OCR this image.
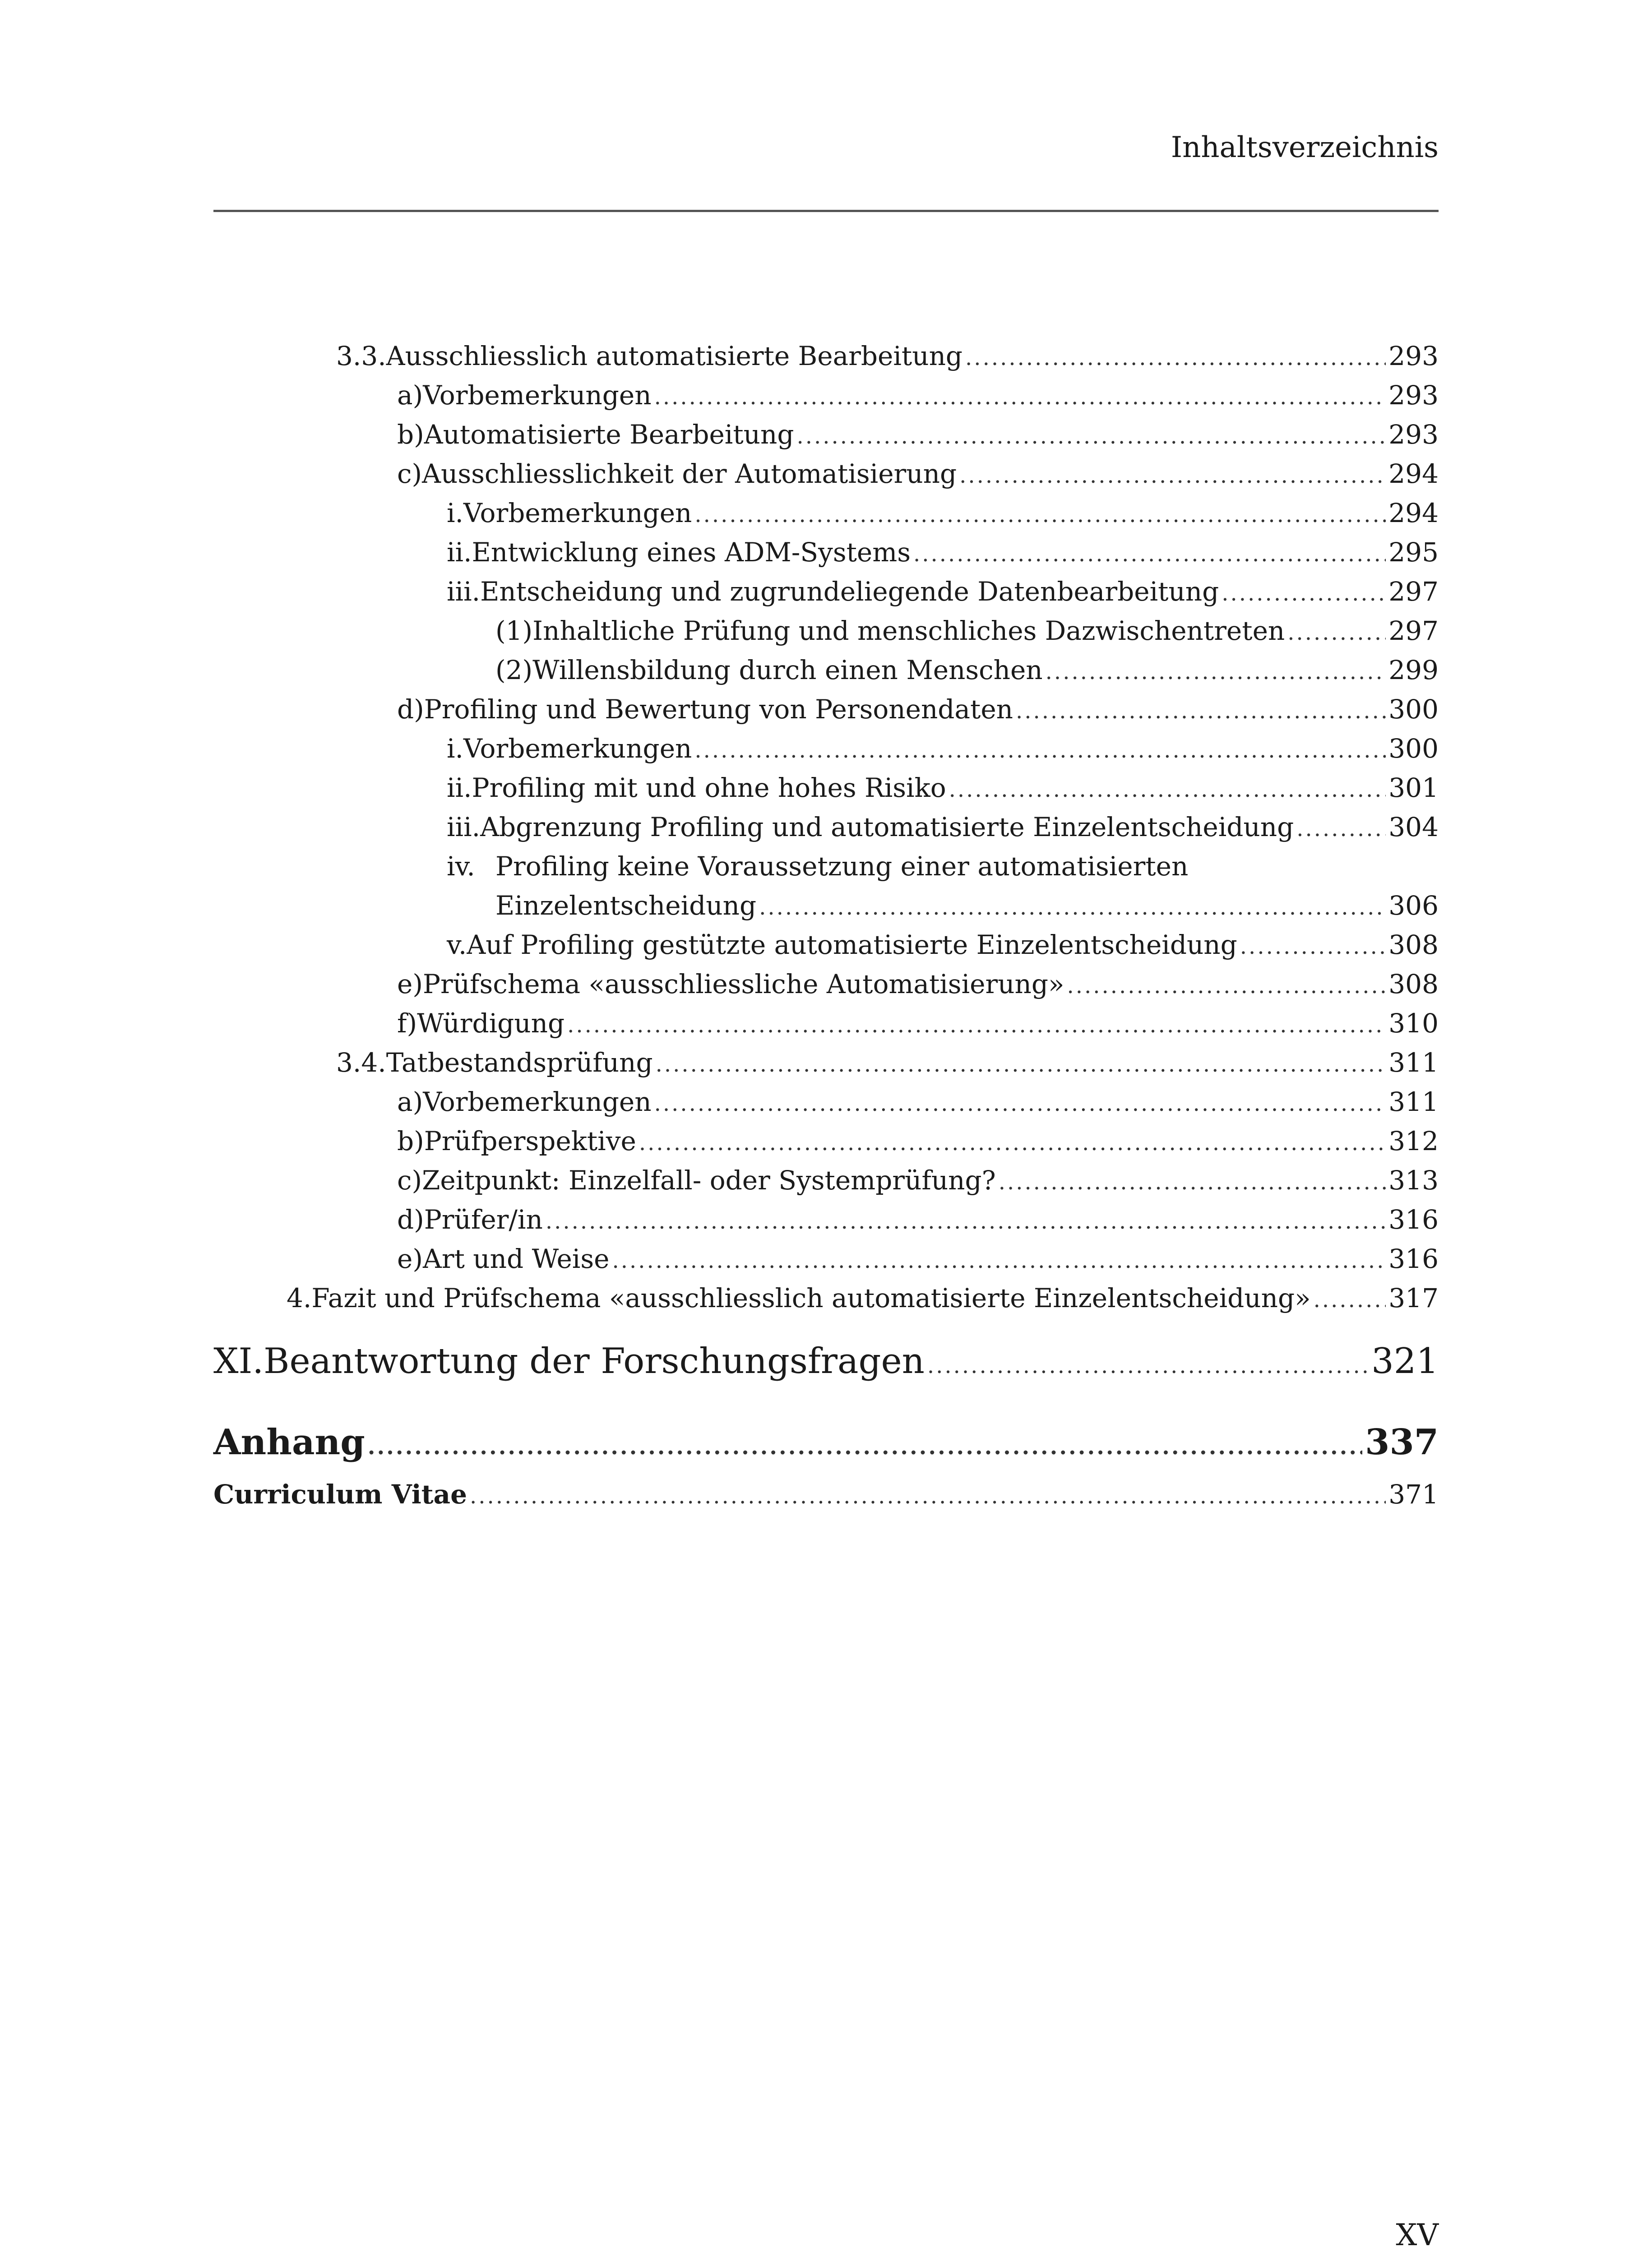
Inhaltsverzeichnis
3.3. Ausschliesslich automatisierte Bearbeitung .....	293
a) Vorbemerkungen .....	293
b) Automatisierte Bearbeitung .....	293
c) Ausschliesslichkeit der Automatisierung .....	294
i. Vorbemerkungen .....	294
ii. Entwicklung eines ADM-Systems .....	295
iii. Entscheidung und zugrundeliegende Datenbearbeitung .....	297
(1) Inhaltliche Prüfung und menschliches Dazwischentreten .....	297
(2) Willensbildung durch einen Menschen .....	299
d) Profiling und Bewertung von Personendaten .....	300
i. Vorbemerkungen .....	300
ii. Profiling mit und ohne hohes Risiko .....	301
iii. Abgrenzung Profiling und automatisierte Einzelentscheidung .....	304
iv. Profiling keine Voraussetzung einer automatisierten
Einzelentscheidung .....	306
v. Auf Profiling gestützte automatisierte Einzelentscheidung .....	308
e) Prüfschema «ausschliessliche Automatisierung» .....	308
f) Würdigung .....	310
3.4. Tatbestandsprüfung .....	311
a) Vorbemerkungen .....	311
b) Prüfperspektive .....	312
c) Zeitpunkt: Einzelfall- oder Systemprüfung? .....	313
d) Prüfer/in .....	316
e) Art und Weise .....	316
4. Fazit und Prüfschema «ausschliesslich automatisierte Einzelentscheidung» .....	317
XI. Beantwortung der Forschungsfragen .....	321
Anhang .....	337
Curriculum Vitae .....	371
XV
